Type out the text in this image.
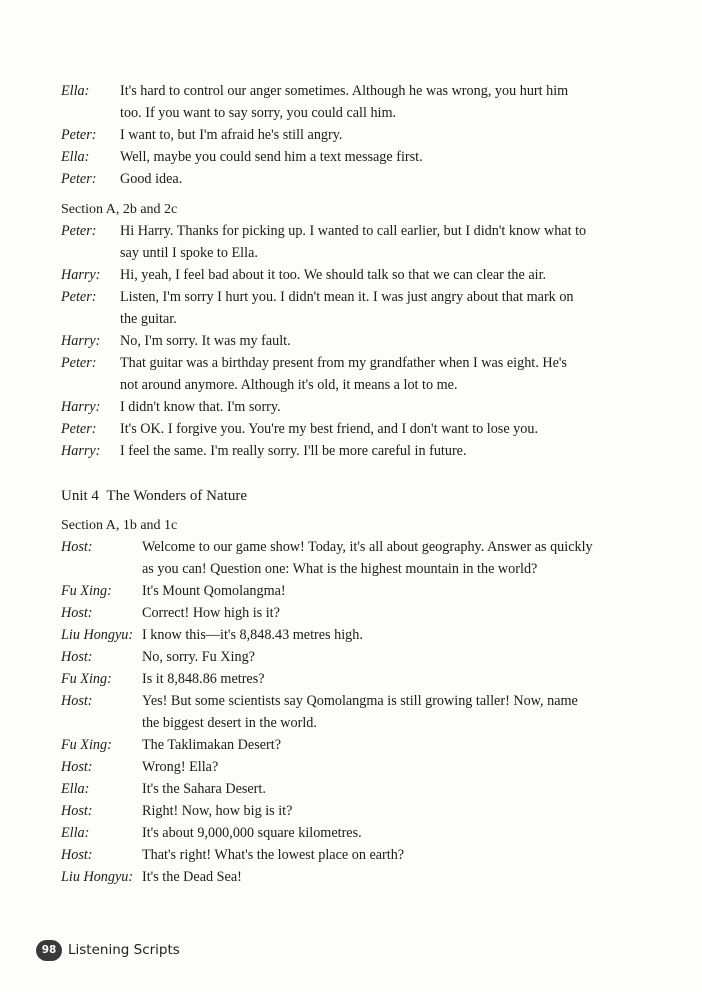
Ella: It's hard to control our anger sometimes. Although he was wrong, you hurt him
too. If you want to say sorry, you could call him.
Peter: I want to, but I'm afraid he's still angry.
Ella: Well, maybe you could send him a text message first.
Peter: Good idea.
Section A, 2b and 2c
Peter: Hi Harry. Thanks for picking up. I wanted to call earlier, but I didn't know what to
say until I spoke to Ella.
Harry: Hi, yeah, I feel bad about it too. We should talk so that we can clear the air.
Peter: Listen, I'm sorry I hurt you. I didn't mean it. I was just angry about that mark on
the guitar.
Harry: No, I'm sorry. It was my fault.
Peter: That guitar was a birthday present from my grandfather when I was eight. He's
not around anymore. Although it's old, it means a lot to me.
Harry: I didn't know that. I'm sorry.
Peter: It's OK. I forgive you. You're my best friend, and I don't want to lose you.
Harry: I feel the same. I'm really sorry. I'll be more careful in future.
Unit 4 The Wonders of Nature
Section A, 1b and 1c
Host:	Welcome to our game show! Today, it's all about geography. Answer as quickly
as you can! Question one: What is the highest mountain in the world?
Fu Xing: It's Mount Qomolangma!
Host:	Correct! How high is it?
Liu Hongyu: I know this—it's 8,848.43 metres high.
Host:	No, sorry. Fu Xing?
Fu Xing: Is it 8,848.86 metres?
Host:	Yes! But some scientists say Qomolangma is still growing taller! Now, name
the biggest desert in the world.
Fu Xing: The Taklimakan Desert?
Host:	Wrong! Ella?
Ella:	It's the Sahara Desert.
Host:	Right! Now, how big is it?
Ella:	It's about 9,000,000 square kilometres.
Host:	That's right! What's the lowest place on earth?
Liu Hongyu: It's the Dead Sea!
98 Listening Scripts
